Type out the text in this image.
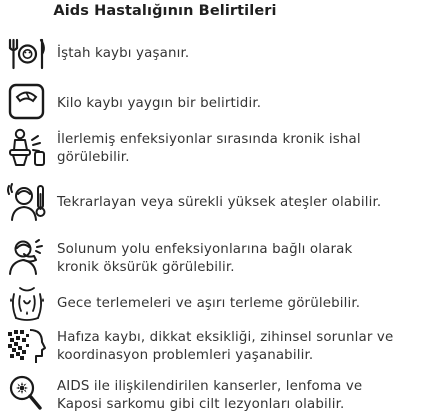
Aids Hastalığının Belirtileri
İştah kaybı yaşanır.
Kilo kaybı yaygın bir belirtidir.
İlerlemiş enfeksiyonlar sırasında kronik ishal
görülebilir.
Tekrarlayan veya sürekli yüksek ateşler olabilir.
Solunum yolu enfeksiyonlarına bağlı olarak
kronik öksürük görülebilir.
Gece terlemeleri ve aşırı terleme görülebilir.
Hafıza kaybı, dikkat eksikliği, zihinsel sorunlar ve
koordinasyon problemleri yaşanabilir.
AIDS ile ilişkilendirilen kanserler, lenfoma ve
Kaposi sarkomu gibi cilt lezyonları olabilir.
